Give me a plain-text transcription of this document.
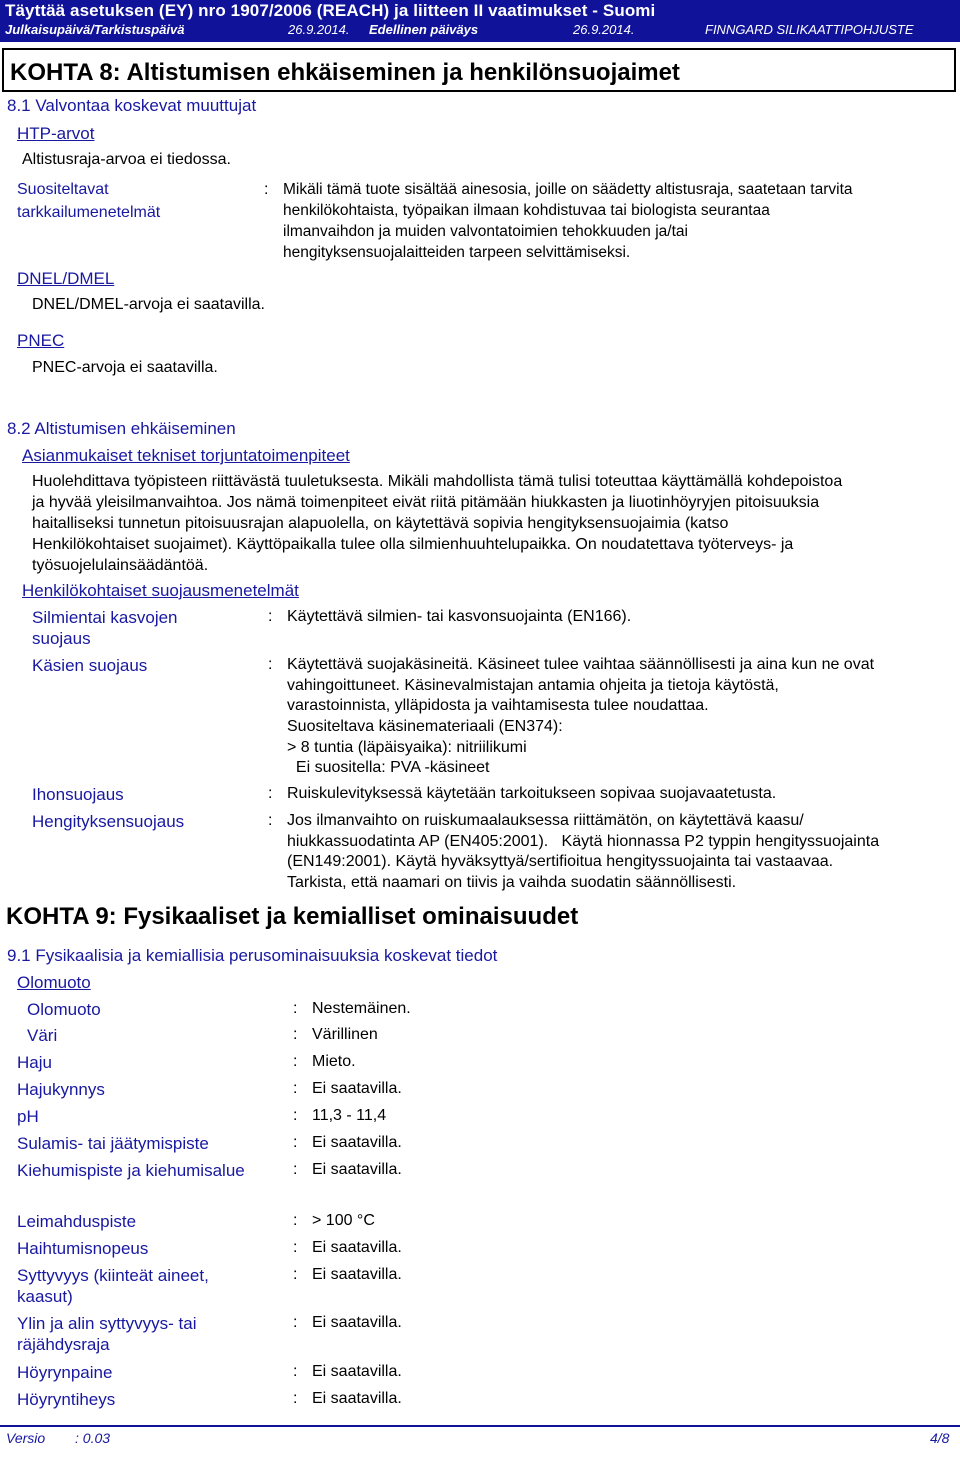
Täyttää asetuksen (EY) nro 1907/2006 (REACH) ja liitteen II vaatimukset - Suomi
Julkaisupäivä/Tarkistuspäivä	26.9.2014. Edellinen päiväys	26.9.2014.	FINNGARD SILIKAATTIPOHJUSTE
KOHTA 8: Altistumisen ehkäiseminen ja henkilönsuojaimet
8.1 Valvontaa koskevat muuttujat
HTP-arvot
Altistusraja-arvoa ei tiedossa.
Suositeltavat
tarkkailumenetelmät
: Mikäli tämä tuote sisältää ainesosia, joille on säädetty altistusraja, saatetaan tarvita
henkilökohtaista, työpaikan ilmaan kohdistuvaa tai biologista seurantaa
ilmanvaihdon ja muiden valvontatoimien tehokkuuden ja/tai
hengityksensuojalaitteiden tarpeen selvittämiseksi.
DNEL/DMEL
DNEL/DMEL-arvoja ei saatavilla.
PNEC
PNEC-arvoja ei saatavilla.
8.2 Altistumisen ehkäiseminen
Asianmukaiset tekniset torjuntatoimenpiteet
Huolehdittava työpisteen riittävästä tuuletuksesta. Mikäli mahdollista tämä tulisi toteuttaa käyttämällä kohdepoistoa
ja hyvää yleisilmanvaihtoa. Jos nämä toimenpiteet eivät riitä pitämään hiukkasten ja liuotinhöyryjen pitoisuuksia
haitalliseksi tunnetun pitoisuusrajan alapuolella, on käytettävä sopivia hengityksensuojaimia (katso
Henkilökohtaiset suojaimet). Käyttöpaikalla tulee olla silmienhuuhtelupaikka. On noudatettava työterveys- ja
työsuojelulainsäädäntöä.
Henkilökohtaiset suojausmenetelmät
Silmientai kasvojen
suojaus
: Käytettävä silmien- tai kasvonsuojainta (EN166).
Käsien suojaus	: Käytettävä suojakäsineitä. Käsineet tulee vaihtaa säännöllisesti ja aina kun ne ovat
vahingoittuneet. Käsinevalmistajan antamia ohjeita ja tietoja käytöstä,
varastoinnista, ylläpidosta ja vaihtamisesta tulee noudattaa.
Suositeltava käsinemateriaali (EN374):
> 8 tuntia (läpäisyaika): nitriilikumi
Ei suositella: PVA -käsineet
Ihonsuojaus	: Ruiskulevityksessä käytetään tarkoitukseen sopivaa suojavaatetusta.
Hengityksensuojaus	: Jos ilmanvaihto on ruiskumaalauksessa riittämätön, on käytettävä kaasu/
hiukkassuodatinta AP (EN405:2001).   Käytä hionnassa P2 typpin hengityssuojainta
(EN149:2001). Käytä hyväksyttyä/sertifioitua hengityssuojainta tai vastaavaa.
Tarkista, että naamari on tiivis ja vaihda suodatin säännöllisesti.
KOHTA 9: Fysikaaliset ja kemialliset ominaisuudet
9.1 Fysikaalisia ja kemiallisia perusominaisuuksia koskevat tiedot
Olomuoto
Olomuoto	: Nestemäinen.
Väri	: Värillinen
Haju	: Mieto.
Hajukynnys	: Ei saatavilla.
pH	: 11,3 - 11,4
Sulamis- tai jäätymispiste	: Ei saatavilla.
Kiehumispiste ja kiehumisalue	: Ei saatavilla.
Leimahduspiste	: > 100 °C
Haihtumisnopeus	: Ei saatavilla.
Syttyvyys (kiinteät aineet,
kaasut)
: Ei saatavilla.
Ylin ja alin syttyvyys- tai
räjähdysraja
: Ei saatavilla.
Höyrynpaine	: Ei saatavilla.
Höyryntiheys	: Ei saatavilla.
Versio : 0.03	4/8
